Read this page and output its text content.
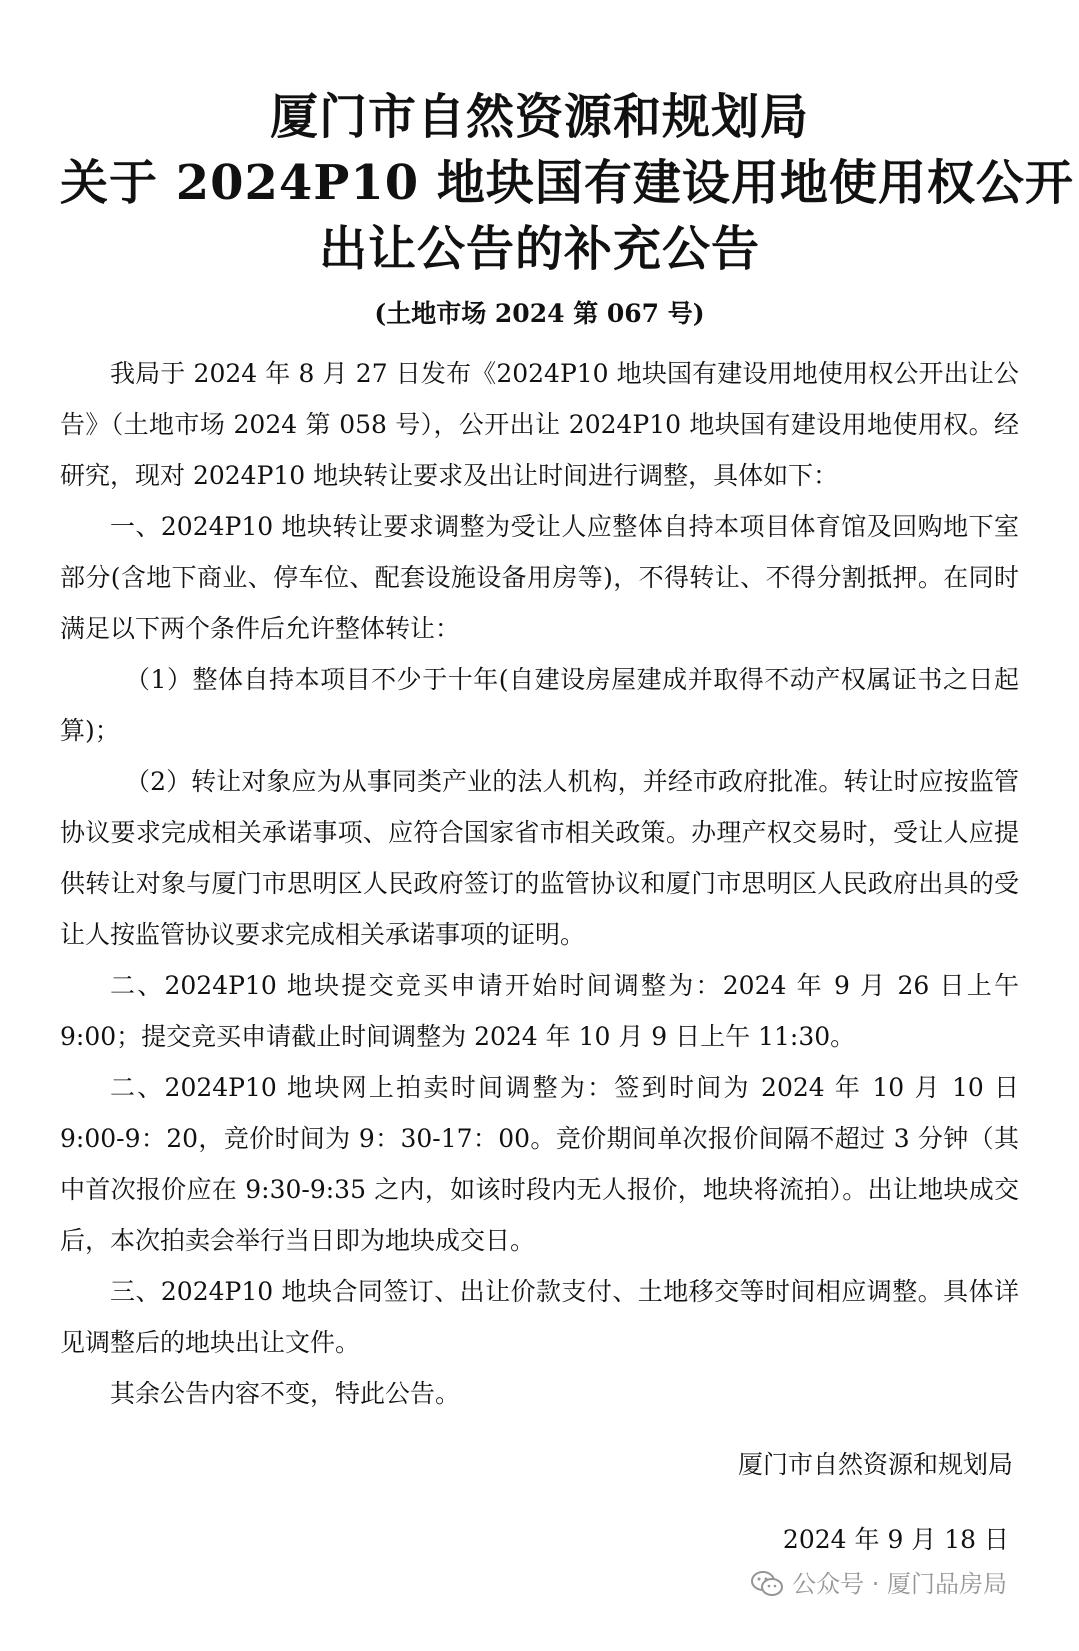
厦门市自然资源和规划局
关于 2024P10 地块国有建设用地使用权公开
出让公告的补充公告
(土地市场 2024 第 067 号)

我局于 2024 年 8 月 27 日发布《2024P10 地块国有建设用地使用权公开出让公告》（土地市场 2024 第 058 号），公开出让 2024P10 地块国有建设用地使用权。经研究，现对 2024P10 地块转让要求及出让时间进行调整，具体如下：

一、2024P10 地块转让要求调整为受让人应整体自持本项目体育馆及回购地下室部分(含地下商业、停车位、配套设施设备用房等)，不得转让、不得分割抵押。在同时满足以下两个条件后允许整体转让：

（1）整体自持本项目不少于十年(自建设房屋建成并取得不动产权属证书之日起算)；

（2）转让对象应为从事同类产业的法人机构，并经市政府批准。转让时应按监管协议要求完成相关承诺事项、应符合国家省市相关政策。办理产权交易时，受让人应提供转让对象与厦门市思明区人民政府签订的监管协议和厦门市思明区人民政府出具的受让人按监管协议要求完成相关承诺事项的证明。

二、2024P10 地块提交竞买申请开始时间调整为：2024 年 9 月 26 日上午 9:00；提交竞买申请截止时间调整为 2024 年 10 月 9 日上午 11:30。

二、2024P10 地块网上拍卖时间调整为：签到时间为 2024 年 10 月 10 日 9:00-9：20，竞价时间为 9：30-17：00。竞价期间单次报价间隔不超过 3 分钟（其中首次报价应在 9:30-9:35 之内，如该时段内无人报价，地块将流拍）。出让地块成交后，本次拍卖会举行当日即为地块成交日。

三、2024P10 地块合同签订、出让价款支付、土地移交等时间相应调整。具体详见调整后的地块出让文件。

其余公告内容不变，特此公告。

厦门市自然资源和规划局
2024 年 9 月 18 日
公众号 · 厦门品房局
